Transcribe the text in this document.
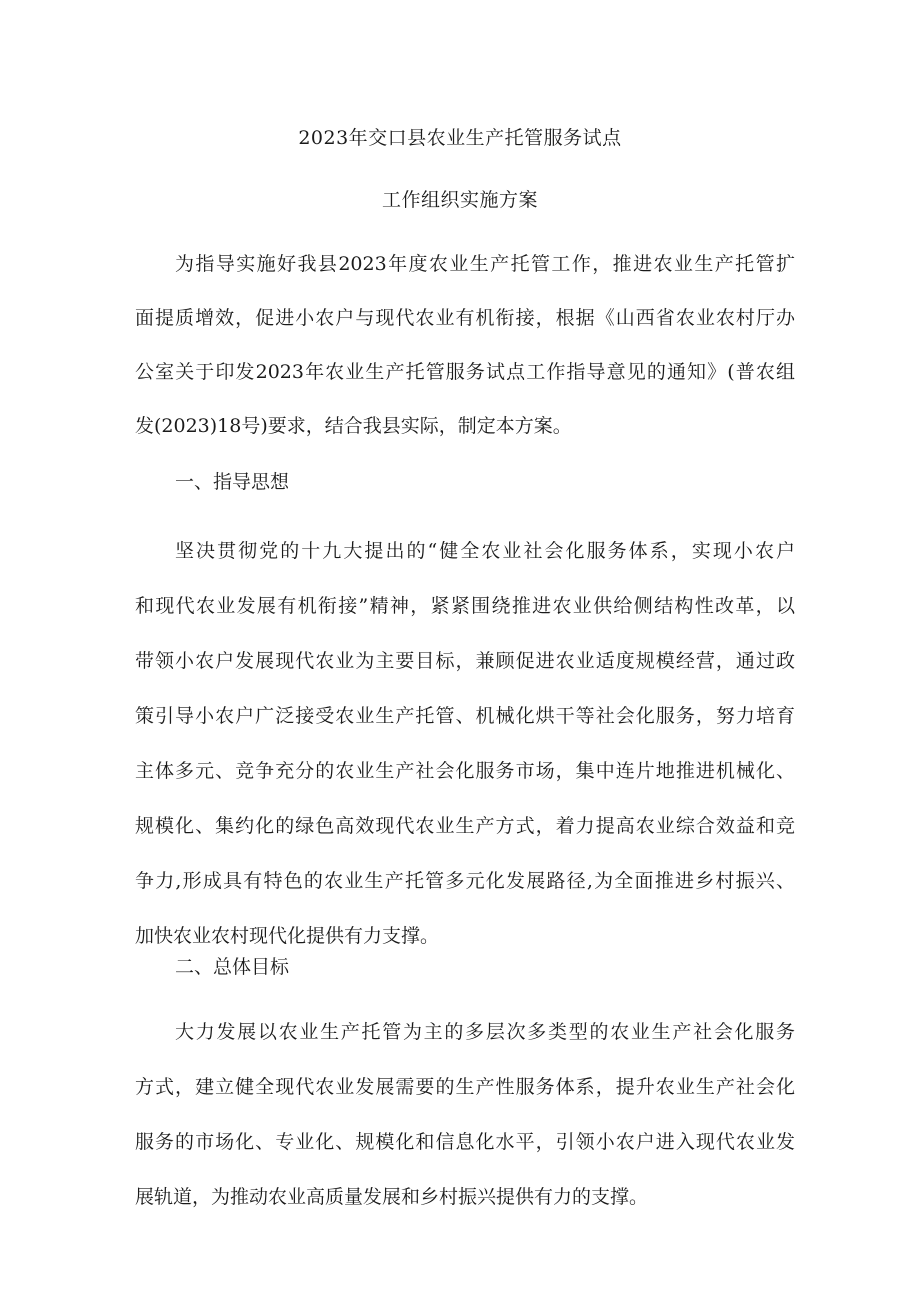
2023年交口县农业生产托管服务试点
工作组织实施方案
为指导实施好我县2023年度农业生产托管工作，推进农业生产托管扩
面提质增效，促进小农户与现代农业有机衔接，根据《山西省农业农村厅办
公室关于印发2023年农业生产托管服务试点工作指导意见的通知》(普农组
发(2023)18号)要求，结合我县实际，制定本方案。
一、指导思想
坚决贯彻党的十九大提出的“健全农业社会化服务体系，实现小农户
和现代农业发展有机衔接”精神，紧紧围绕推进农业供给侧结构性改革，以
带领小农户发展现代农业为主要目标，兼顾促进农业适度规模经营，通过政
策引导小农户广泛接受农业生产托管、机械化烘干等社会化服务，努力培育
主体多元、竞争充分的农业生产社会化服务市场，集中连片地推进机械化、
规模化、集约化的绿色高效现代农业生产方式，着力提高农业综合效益和竞
争力,形成具有特色的农业生产托管多元化发展路径,为全面推进乡村振兴、
加快农业农村现代化提供有力支撑。
二、总体目标
大力发展以农业生产托管为主的多层次多类型的农业生产社会化服务
方式，建立健全现代农业发展需要的生产性服务体系，提升农业生产社会化
服务的市场化、专业化、规模化和信息化水平，引领小农户进入现代农业发
展轨道，为推动农业高质量发展和乡村振兴提供有力的支撑。
